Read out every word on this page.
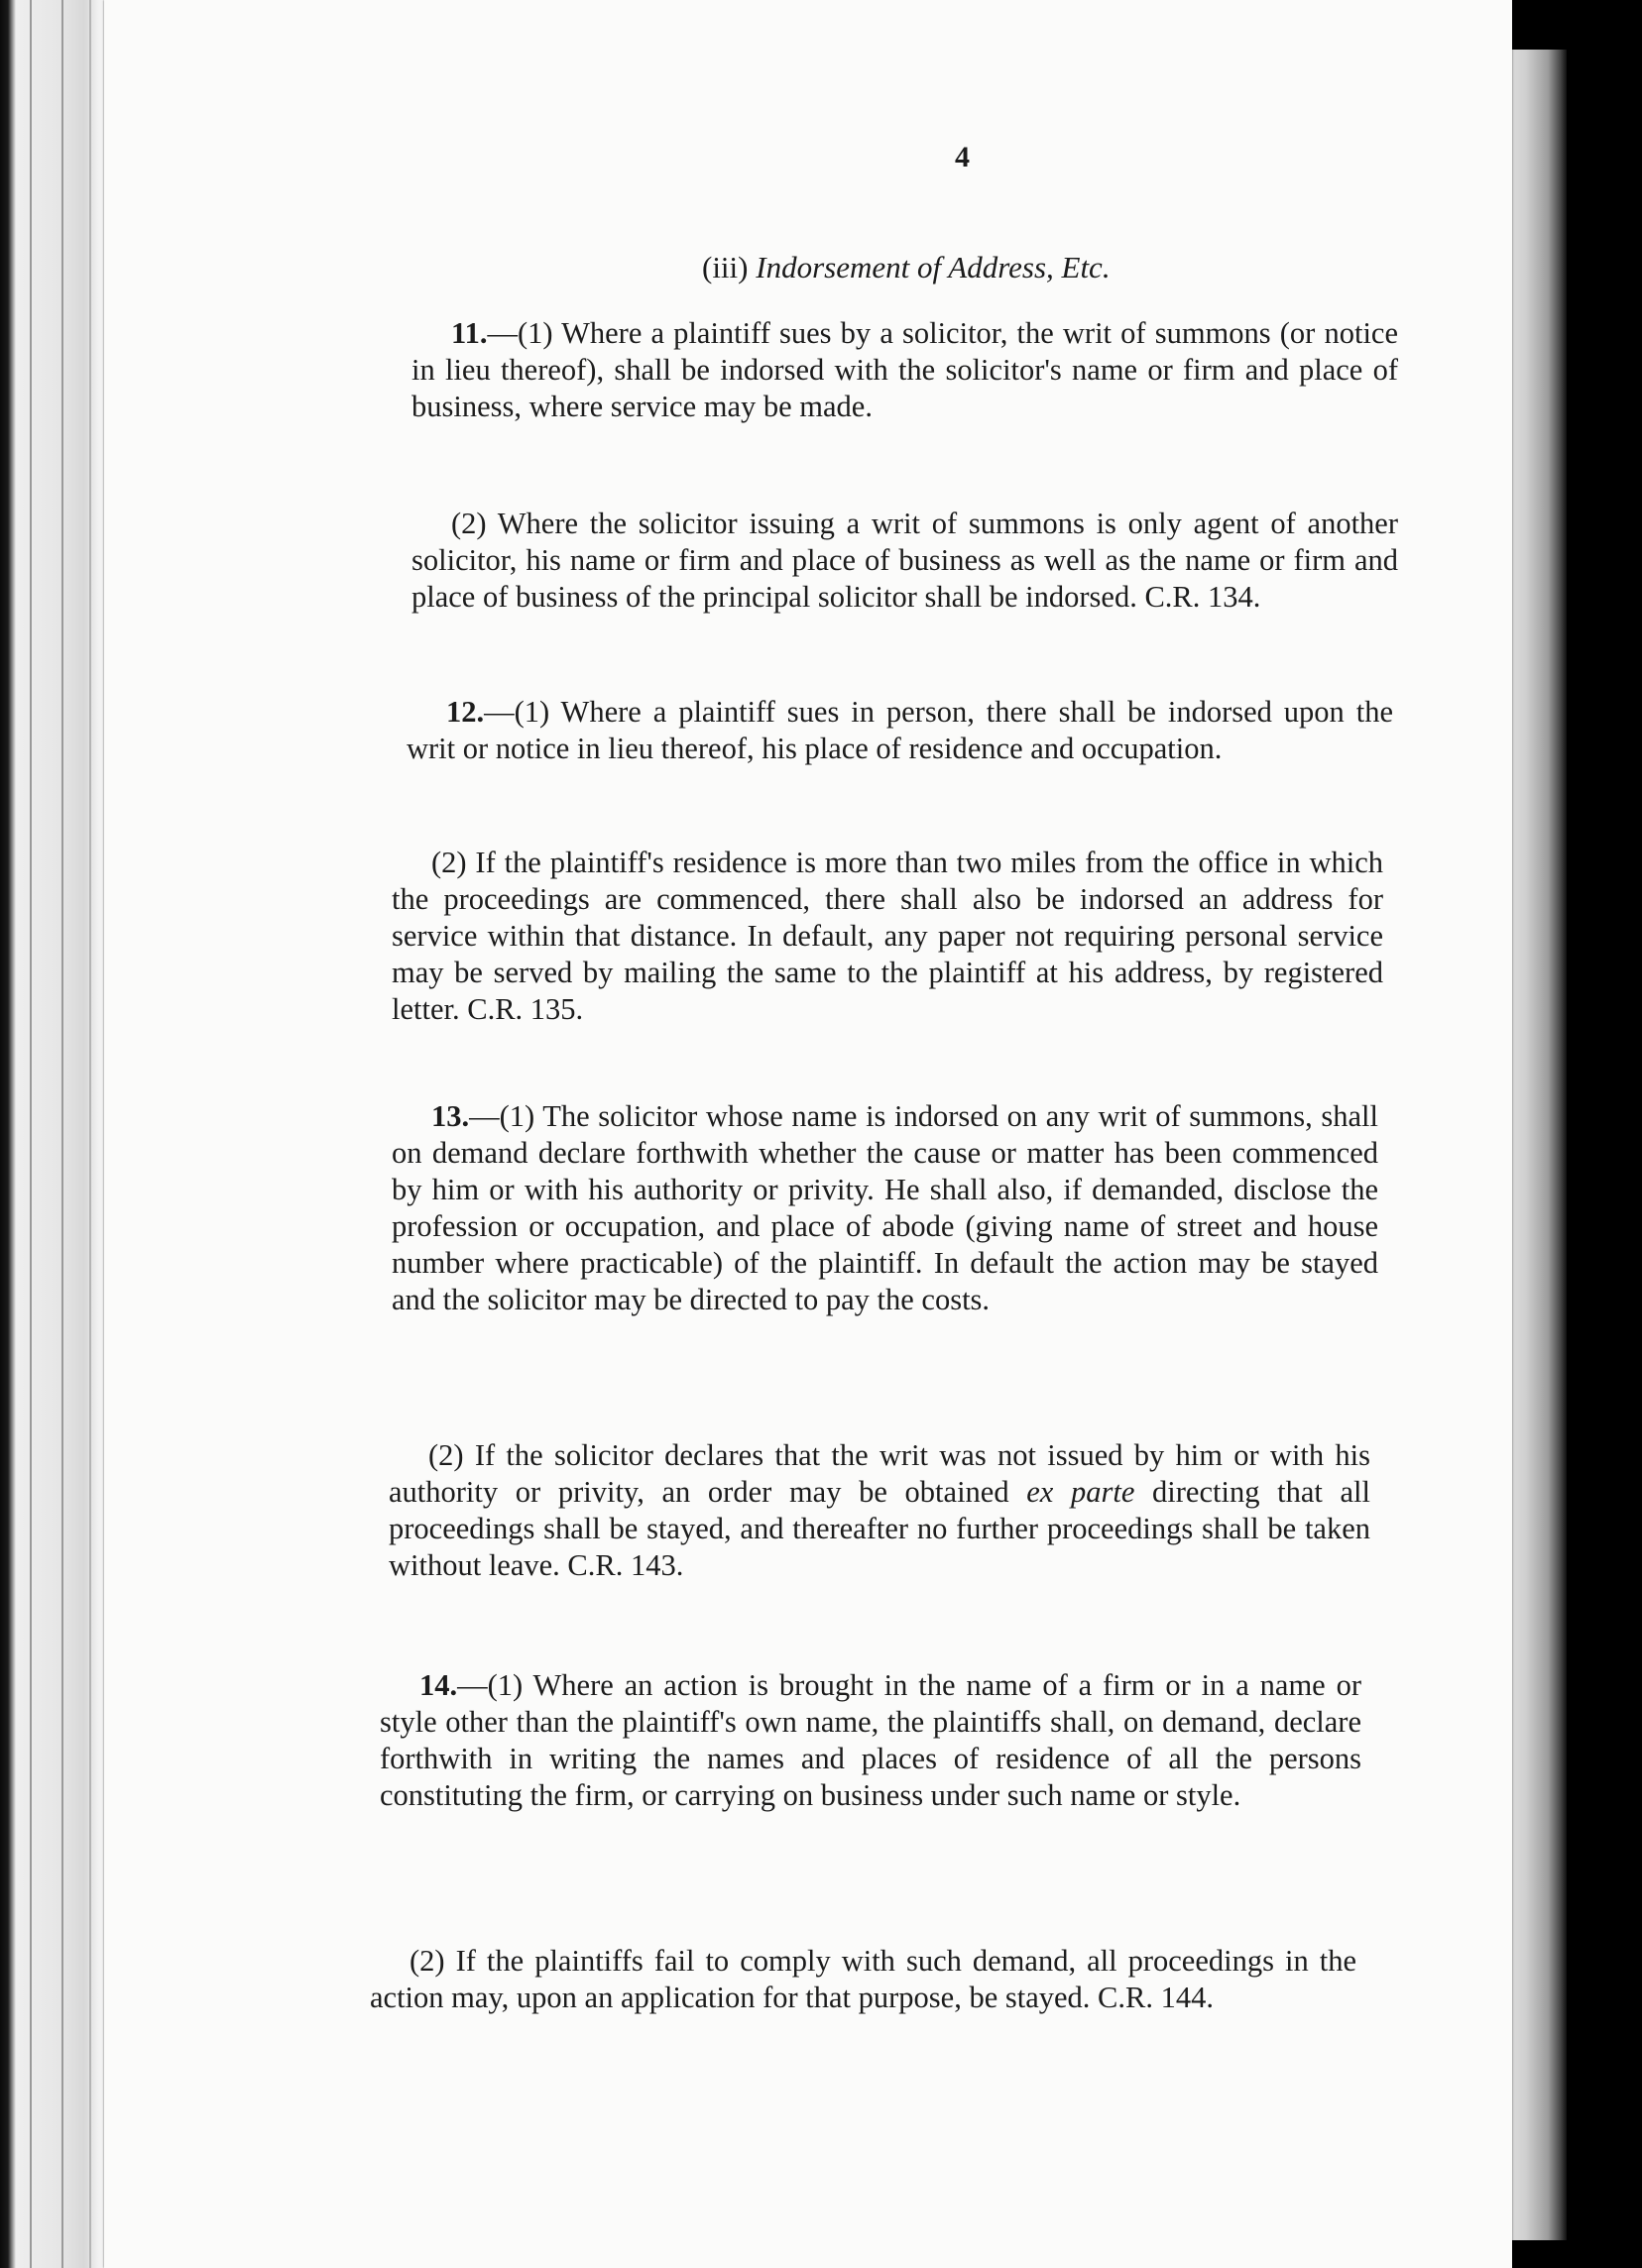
4
(iii) Indorsement of Address, Etc.

11.—(1) Where a plaintiff sues by a solicitor, the writ of summons (or notice in lieu thereof), shall be indorsed with the solicitor's name or firm and place of business, where service may be made.

(2) Where the solicitor issuing a writ of summons is only agent of another solicitor, his name or firm and place of business as well as the name or firm and place of business of the principal solicitor shall be indorsed. C.R. 134.

12.—(1) Where a plaintiff sues in person, there shall be indorsed upon the writ or notice in lieu thereof, his place of residence and occupation.

(2) If the plaintiff's residence is more than two miles from the office in which the proceedings are commenced, there shall also be indorsed an address for service within that distance. In default, any paper not requiring personal service may be served by mailing the same to the plaintiff at his address, by registered letter. C.R. 135.

13.—(1) The solicitor whose name is indorsed on any writ of summons, shall on demand declare forthwith whether the cause or matter has been commenced by him or with his authority or privity. He shall also, if demanded, disclose the profession or occupation, and place of abode (giving name of street and house number where practicable) of the plaintiff. In default the action may be stayed and the solicitor may be directed to pay the costs.

(2) If the solicitor declares that the writ was not issued by him or with his authority or privity, an order may be obtained ex parte directing that all proceedings shall be stayed, and thereafter no further proceedings shall be taken without leave. C.R. 143.

14.—(1) Where an action is brought in the name of a firm or in a name or style other than the plaintiff's own name, the plaintiffs shall, on demand, declare forthwith in writing the names and places of residence of all the persons constituting the firm, or carrying on business under such name or style.

(2) If the plaintiffs fail to comply with such demand, all proceedings in the action may, upon an application for that purpose, be stayed. C.R. 144.
